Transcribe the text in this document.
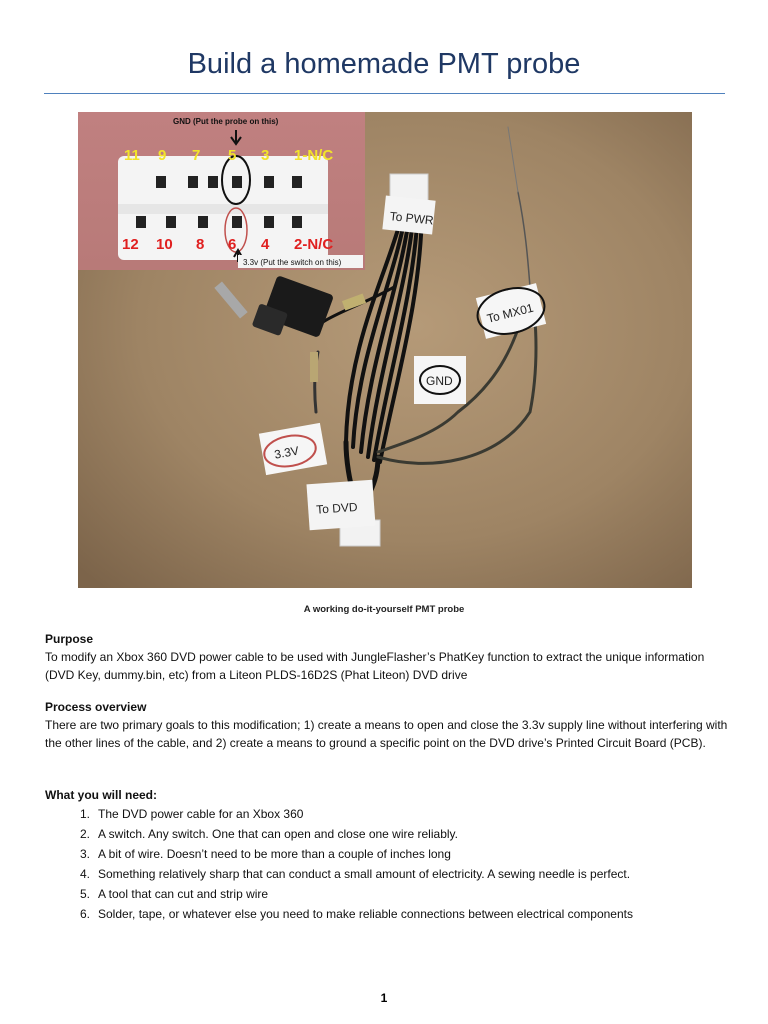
Build a homemade PMT probe
To PWR
To MX01
GND
3.3V
To DVD
GND (Put the probe on this)
11 9 7 5 3 1-N/C
12 10 8 6 4 2-N/C
3.3v (Put the switch on this)
A working do-it-yourself PMT probe
Purpose
To modify an Xbox 360 DVD power cable to be used with JungleFlasher’s PhatKey function to extract the unique information (DVD Key, dummy.bin, etc) from a Liteon PLDS-16D2S (Phat Liteon) DVD drive
Process overview
There are two primary goals to this modification; 1) create a means to open and close the 3.3v supply line without interfering with the other lines of the cable, and 2) create a means to ground a specific point on the DVD drive’s Printed Circuit Board (PCB).
What you will need:
1. The DVD power cable for an Xbox 360
2. A switch. Any switch. One that can open and close one wire reliably.
3. A bit of wire. Doesn’t need to be more than a couple of inches long
4. Something relatively sharp that can conduct a small amount of electricity. A sewing needle is perfect.
5. A tool that can cut and strip wire
6. Solder, tape, or whatever else you need to make reliable connections between electrical components
1
